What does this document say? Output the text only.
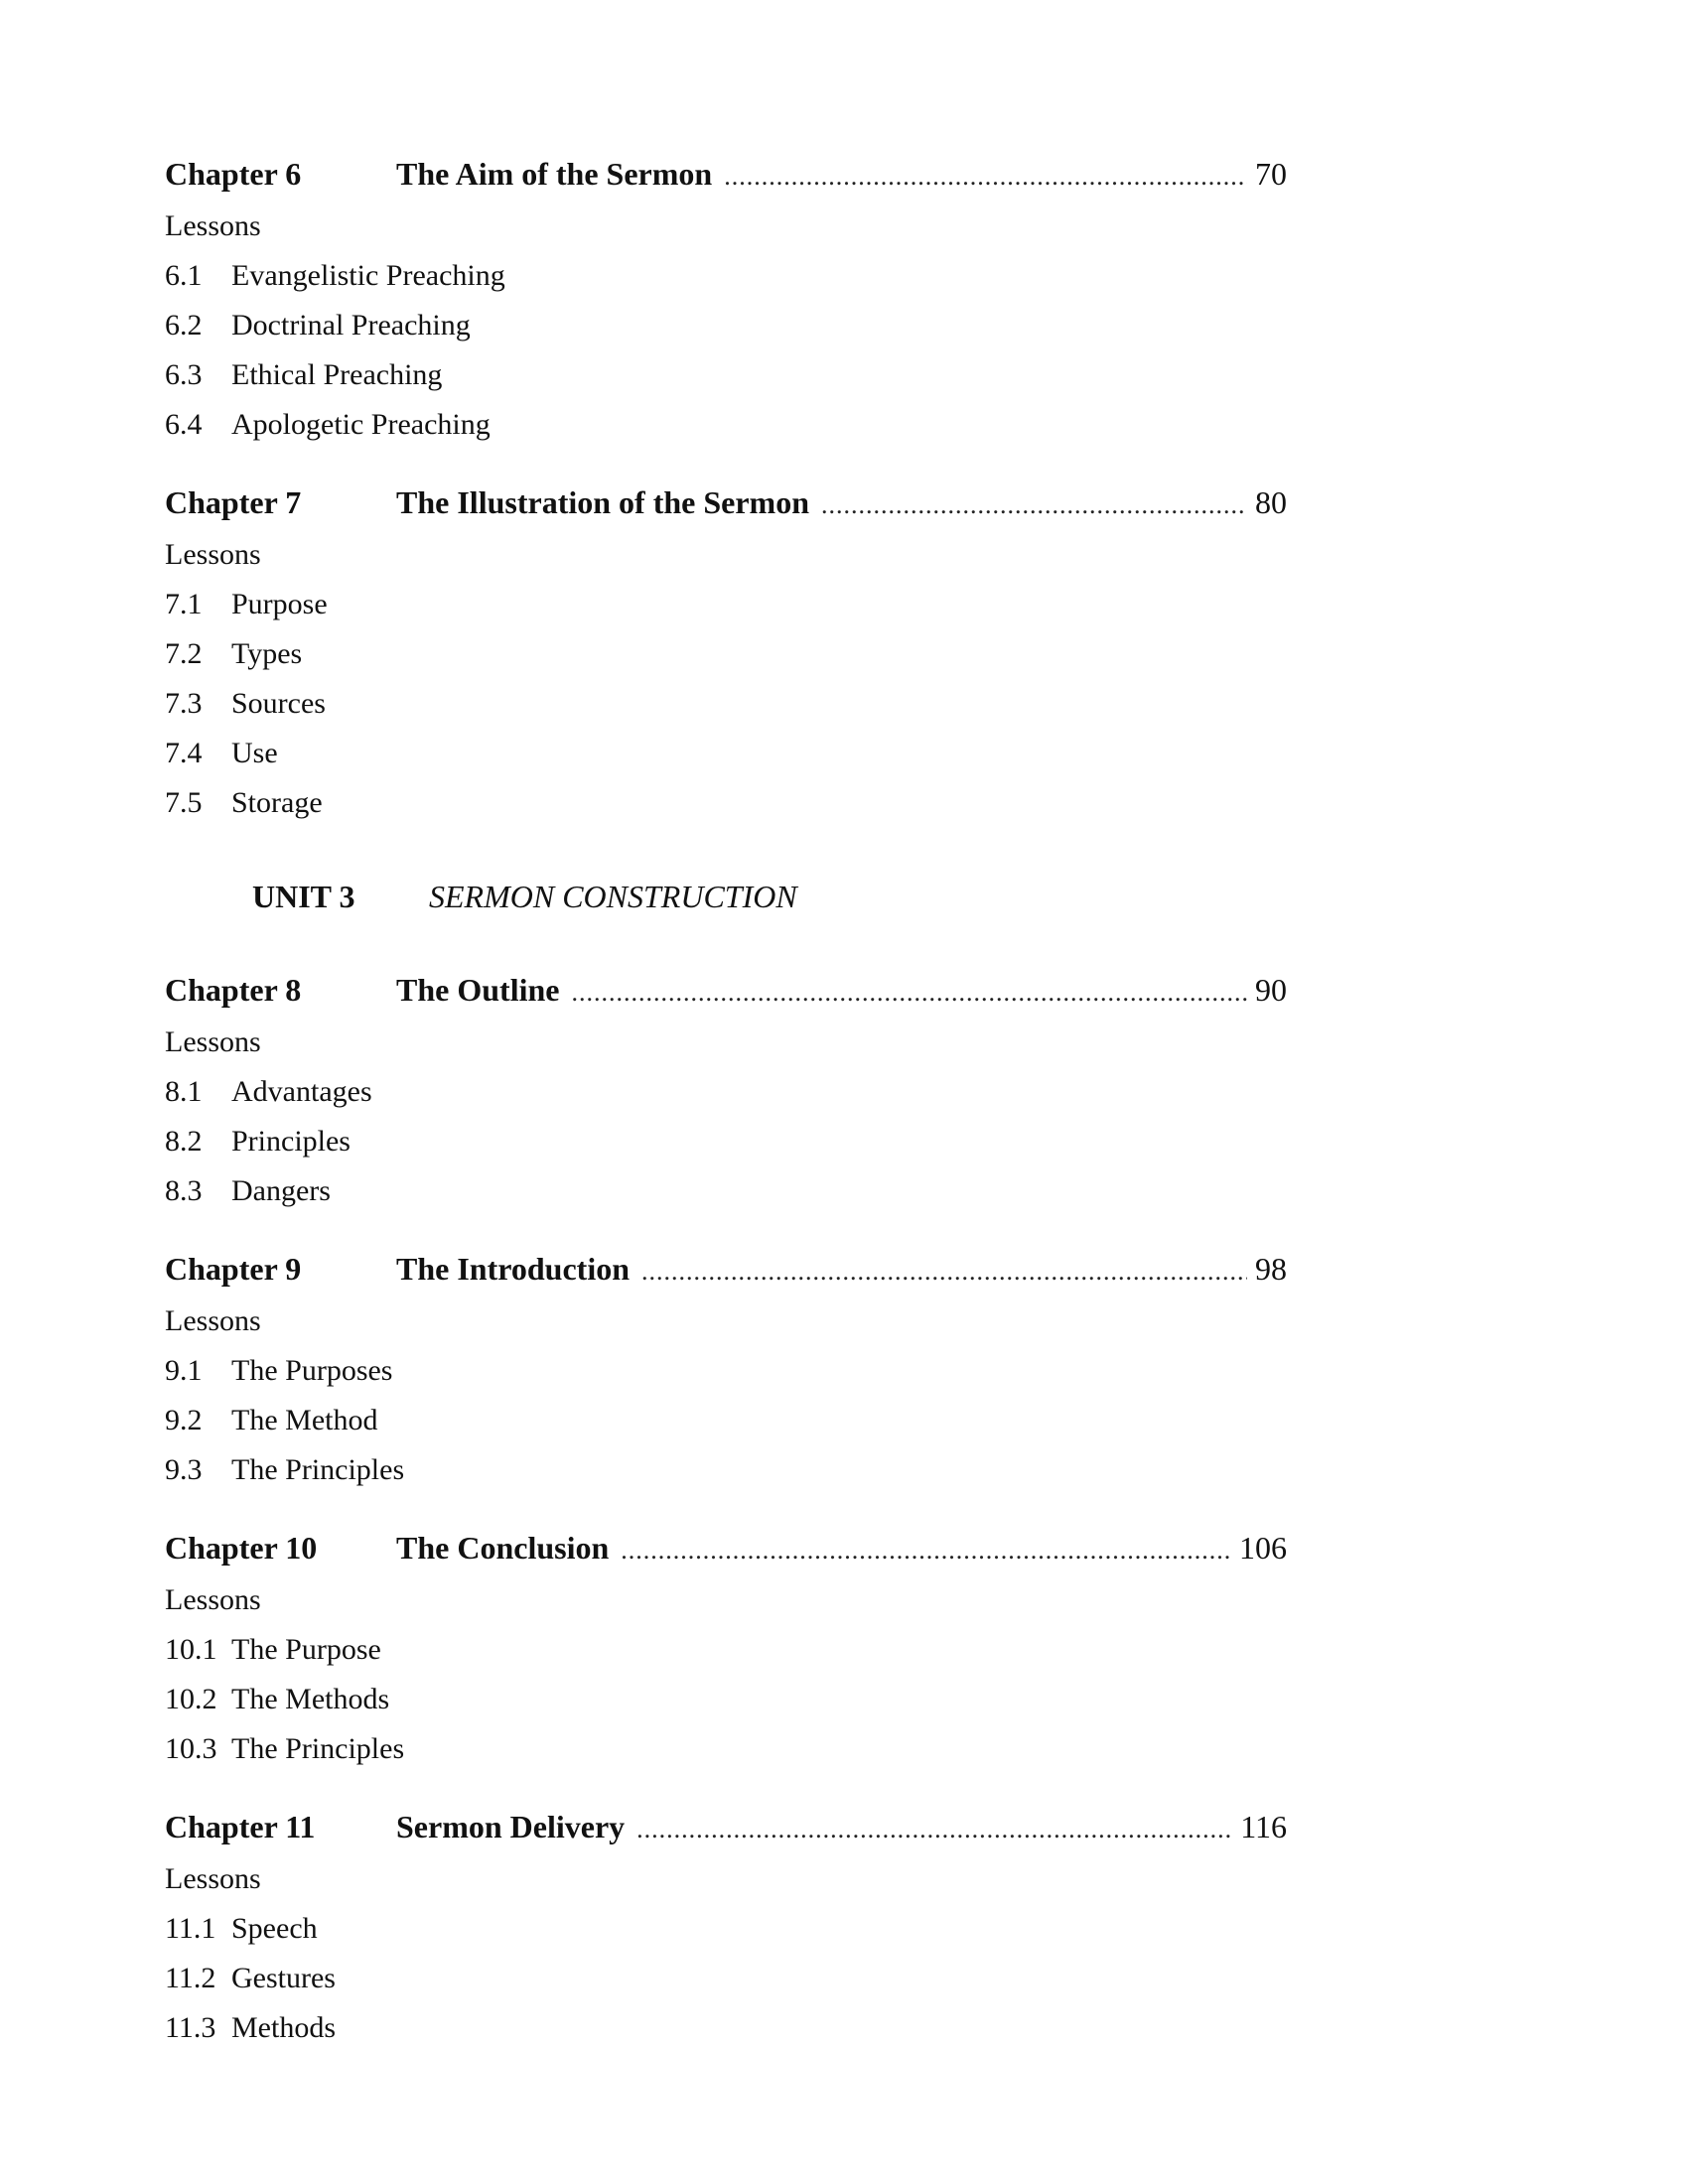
Chapter 6	The Aim of the Sermon .....	70
Lessons
6.1 Evangelistic Preaching
6.2 Doctrinal Preaching
6.3 Ethical Preaching
6.4 Apologetic Preaching
Chapter 7	The Illustration of the Sermon .....	80
Lessons
7.1 Purpose
7.2 Types
7.3 Sources
7.4 Use
7.5 Storage
UNIT 3	SERMON CONSTRUCTION
Chapter 8	The Outline .....	90
Lessons
8.1 Advantages
8.2 Principles
8.3 Dangers
Chapter 9	The Introduction .....	98
Lessons
9.1 The Purposes
9.2 The Method
9.3 The Principles
Chapter 10	The Conclusion .....	106
Lessons
10.1 The Purpose
10.2 The Methods
10.3 The Principles
Chapter 11	Sermon Delivery .....	116
Lessons
11.1 Speech
11.2 Gestures
11.3 Methods
